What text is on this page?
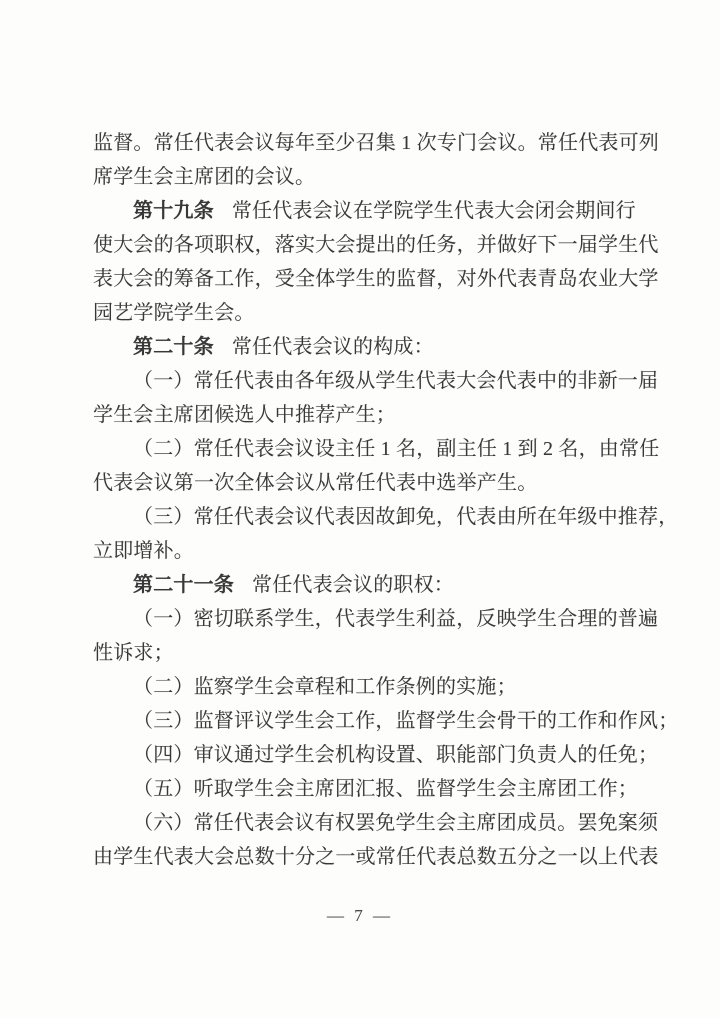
监督。常任代表会议每年至少召集 1 次专门会议。常任代表可列
席学生会主席团的会议。
第十九条 常任代表会议在学院学生代表大会闭会期间行
使大会的各项职权，落实大会提出的任务，并做好下一届学生代
表大会的筹备工作，受全体学生的监督，对外代表青岛农业大学
园艺学院学生会。
第二十条 常任代表会议的构成：
（一）常任代表由各年级从学生代表大会代表中的非新一届
学生会主席团候选人中推荐产生；
（二）常任代表会议设主任 1 名，副主任 1 到 2 名，由常任
代表会议第一次全体会议从常任代表中选举产生。
（三）常任代表会议代表因故卸免，代表由所在年级中推荐，
立即增补。
第二十一条 常任代表会议的职权：
（一）密切联系学生，代表学生利益，反映学生合理的普遍
性诉求；
（二）监察学生会章程和工作条例的实施；
（三）监督评议学生会工作，监督学生会骨干的工作和作风；
（四）审议通过学生会机构设置、职能部门负责人的任免；
（五）听取学生会主席团汇报、监督学生会主席团工作；
（六）常任代表会议有权罢免学生会主席团成员。罢免案须
由学生代表大会总数十分之一或常任代表总数五分之一以上代表
— 7 —
